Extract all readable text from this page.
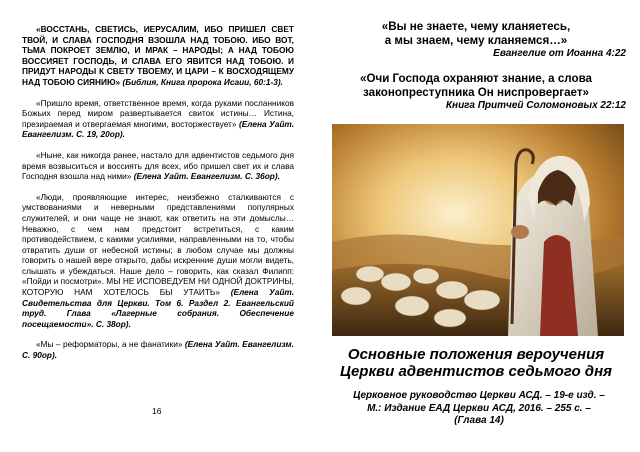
«ВОССТАНЬ, СВЕТИСЬ, ИЕРУСАЛИМ, ИБО ПРИШЕЛ СВЕТ ТВОЙ, И СЛАВА ГОСПОДНЯ ВЗОШЛА НАД ТОБОЮ. ИБО ВОТ, ТЬМА ПОКРОЕТ ЗЕМЛЮ, И МРАК – НАРОДЫ; А НАД ТОБОЮ ВОССИЯЕТ ГОСПОДЬ, И СЛАВА ЕГО ЯВИТСЯ НАД ТОБОЮ. И ПРИДУТ НАРОДЫ К СВЕТУ ТВОЕМУ, И ЦАРИ – К ВОСХОДЯЩЕМУ НАД ТОБОЮ СИЯНИЮ» (Библия, Книга пророка Исаии, 60:1-3).

«Пришло время, ответственное время, когда руками посланников Божьих перед миром развертывается свиток истины… Истина, презираемая и отвергаемая многими, восторжествует» (Елена Уайт. Евангелизм. С. 19, 20op).

«Ныне, как никогда ранее, настало для адвентистов седьмого дня время возвыситься и воссиять для всех, ибо пришел свет их и слава Господня взошла над ними» (Елена Уайт. Евангелизм. С. 36op).

«Люди, проявляющие интерес, неизбежно сталкиваются с умствованиями и неверными представлениями популярных служителей, и они чаще не знают, как ответить на эти домыслы… Неважно, с чем нам предстоит встретиться, с каким противодействием, с какими усилиями, направленными на то, чтобы отвратить души от небесной истины; в любом случае мы должны говорить о нашей вере открыто, дабы искренние души могли видеть, слышать и убеждаться. Наше дело – говорить, как сказал Филипп: «Пойди и посмотри». МЫ НЕ ИСПОВЕДУЕМ НИ ОДНОЙ ДОКТРИНЫ, КОТОРУЮ НАМ ХОТЕЛОСЬ БЫ УТАИТЬ» (Елена Уайт. Свидетельства для Церкви. Том 6. Раздел 2. Евангельский труд. Глава «Лагерные собрания. Обеспечение посещаемости». С. 38op).

«Мы – реформаторы, а не фанатики» (Елена Уайт. Евангелизм. С. 90op).

16
«Вы не знаете, чему кланяетесь,
а мы знаем, чему кланяемся…»
Евангелие от Иоанна 4:22
«Очи Господа охраняют знание, а слова
законопреступника Он ниспровергает»
Книга Притчей Соломоновых 22:12
Основные положения вероучения
Церкви адвентистов седьмого дня
Церковное руководство Церкви АСД. – 19-е изд. –
М.: Издание ЕАД Церкви АСД, 2016. – 255 с. –
(Глава 14)
